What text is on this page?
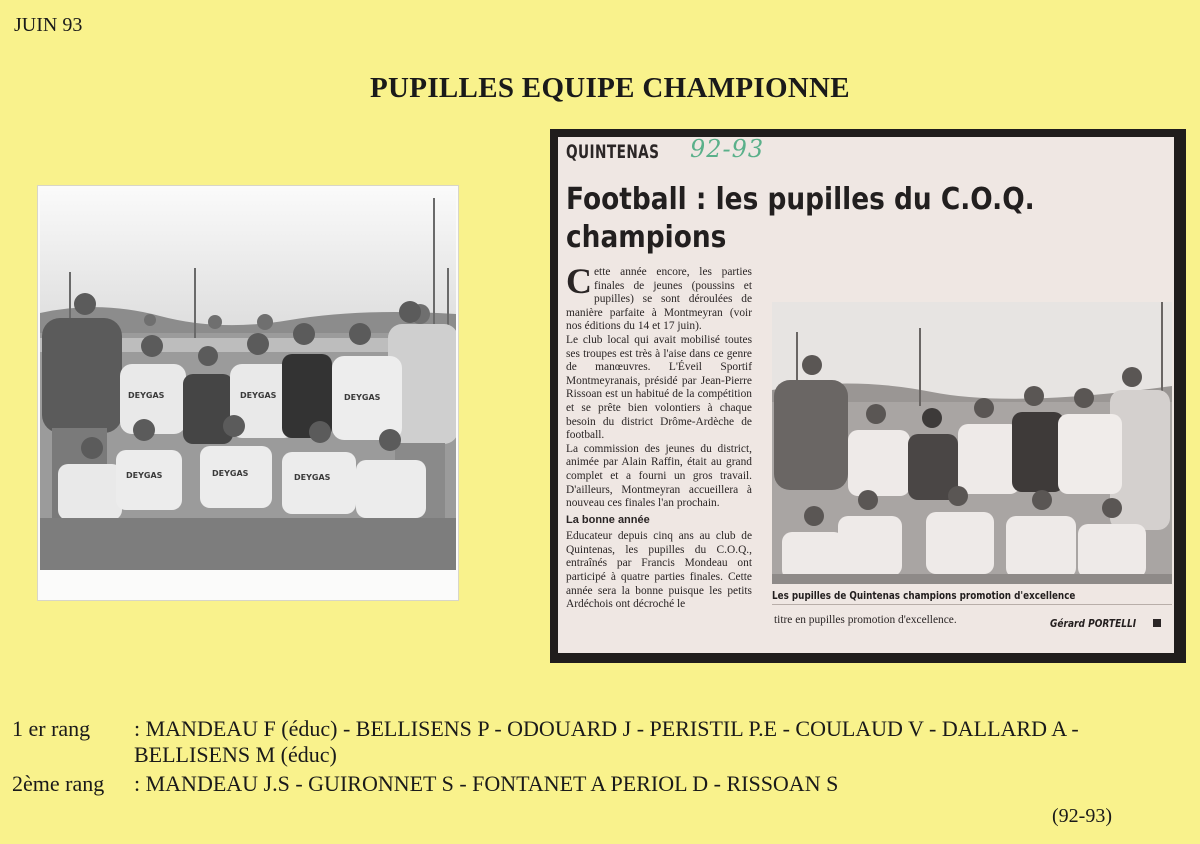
JUIN 93
PUPILLES EQUIPE CHAMPIONNE
DEYGAS	DEYGAS	DEYGAS
DEYGAS	DEYGAS	DEYGAS
QUINTENAS 92-93
Football : les pupilles du C.O.Q.
champions

Cette année encore, les parties finales de jeunes (poussins et pupilles) se sont déroulées de manière parfaite à Montmeyran (voir nos éditions du 14 et 17 juin).

Le club local qui avait mobilisé toutes ses troupes est très à l'aise dans ce genre de manœuvres. L'Éveil Sportif Montmeyranais, présidé par Jean-Pierre Rissoan est un habitué de la compétition et se prête bien volontiers à chaque besoin du district Drôme-Ardèche de football.

La commission des jeunes du district, animée par Alain Raffin, était au grand complet et a fourni un gros travail. D'ailleurs, Montmeyran accueillera à nouveau ces finales l'an prochain.

La bonne année

Educateur depuis cinq ans au club de Quintenas, les pupilles du C.O.Q., entraînés par Francis Mondeau ont participé à quatre parties finales. Cette année sera la bonne puisque les petits Ardéchois ont décroché le

Les pupilles de Quintenas champions promotion d'excellence
titre en pupilles promotion d'excellence.	Gérard PORTELLI
1 er rang : MANDEAU F (éduc) - BELLISENS P - ODOUARD J - PERISTIL P.E - COULAUD V - DALLARD A -
BELLISENS M (éduc)
2ème rang : MANDEAU J.S - GUIRONNET S - FONTANET A PERIOL D - RISSOAN S
(92-93)
